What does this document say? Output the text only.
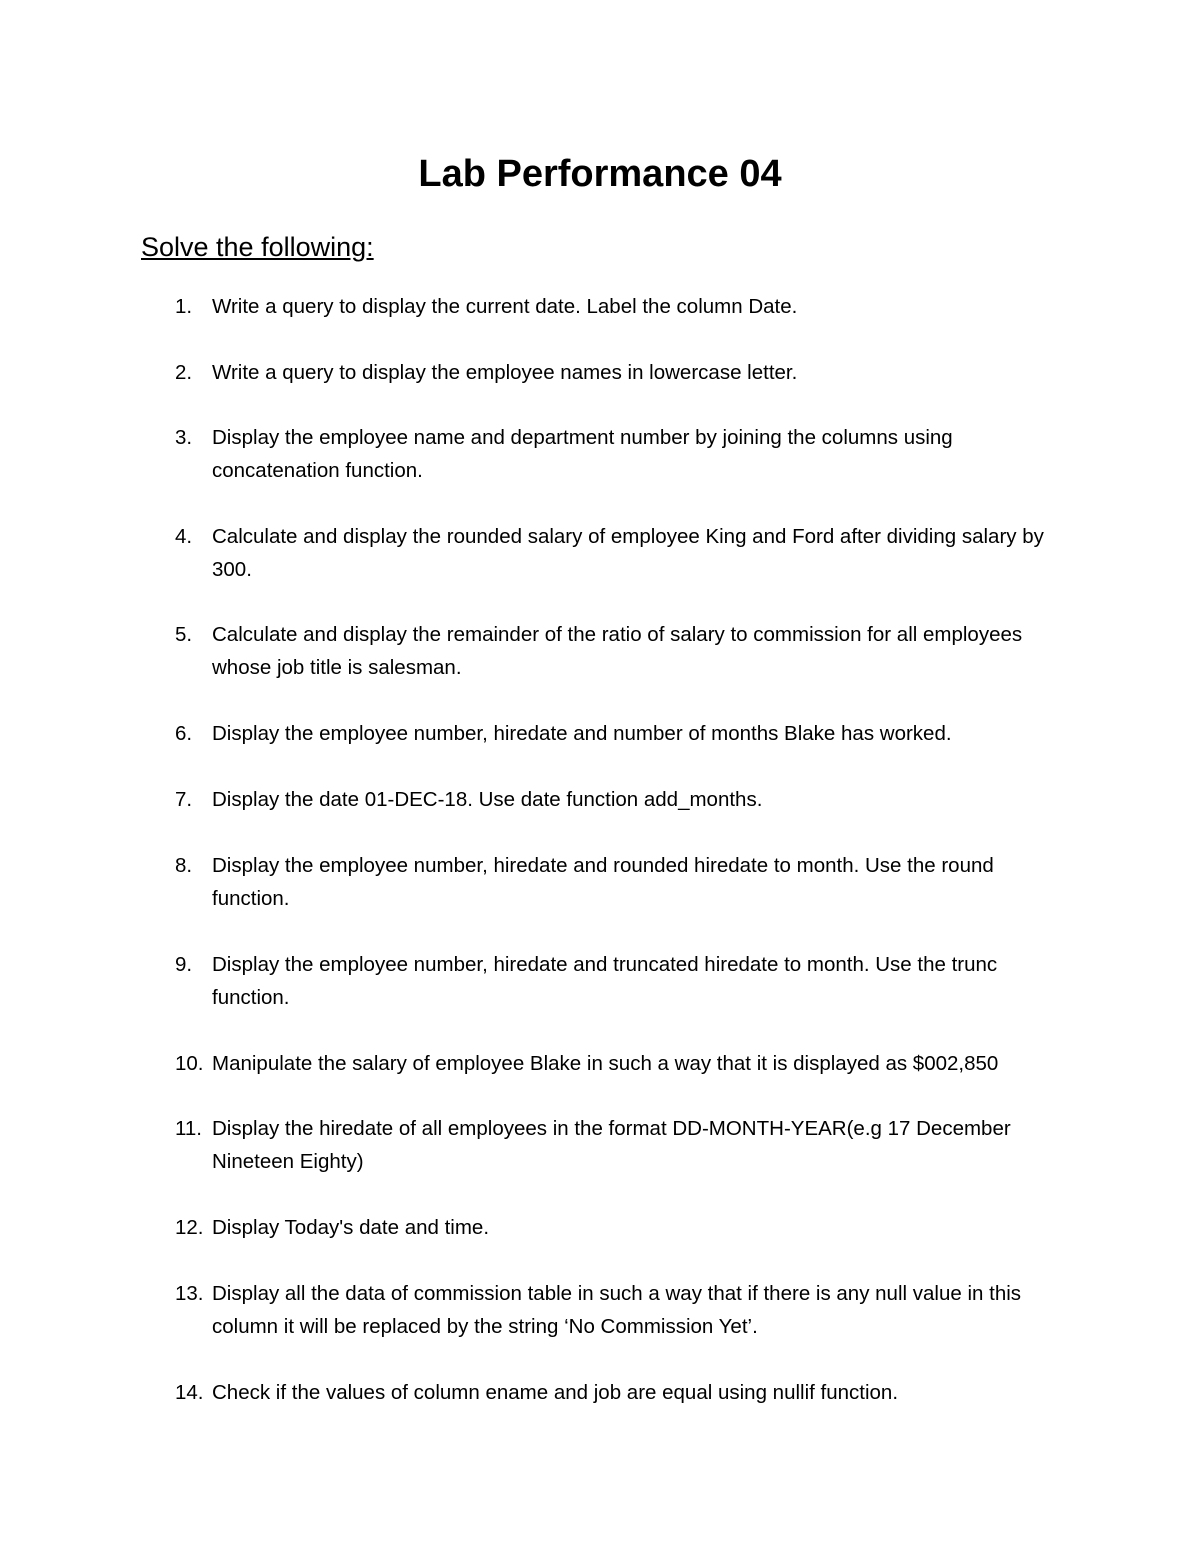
Lab Performance 04
Solve the following:
1. Write a query to display the current date. Label the column Date.
2. Write a query to display the employee names in lowercase letter.
3. Display the employee name and department number by joining the columns using concatenation function.
4. Calculate and display the rounded salary of employee King and Ford after dividing salary by 300.
5. Calculate and display the remainder of the ratio of salary to commission for all employees whose job title is salesman.
6. Display the employee number, hiredate and number of months Blake has worked.
7. Display the date 01-DEC-18. Use date function add_months.
8. Display the employee number, hiredate and rounded hiredate to month. Use the round function.
9. Display the employee number, hiredate and truncated hiredate to month. Use the trunc function.
10. Manipulate the salary of employee Blake in such a way that it is displayed as $002,850
11. Display the hiredate of all employees in the format DD-MONTH-YEAR(e.g 17 December Nineteen Eighty)
12. Display Today's date and time.
13. Display all the data of commission table in such a way that if there is any null value in this column it will be replaced by the string ‘No Commission Yet’.
14. Check if the values of column ename and job are equal using nullif function.
